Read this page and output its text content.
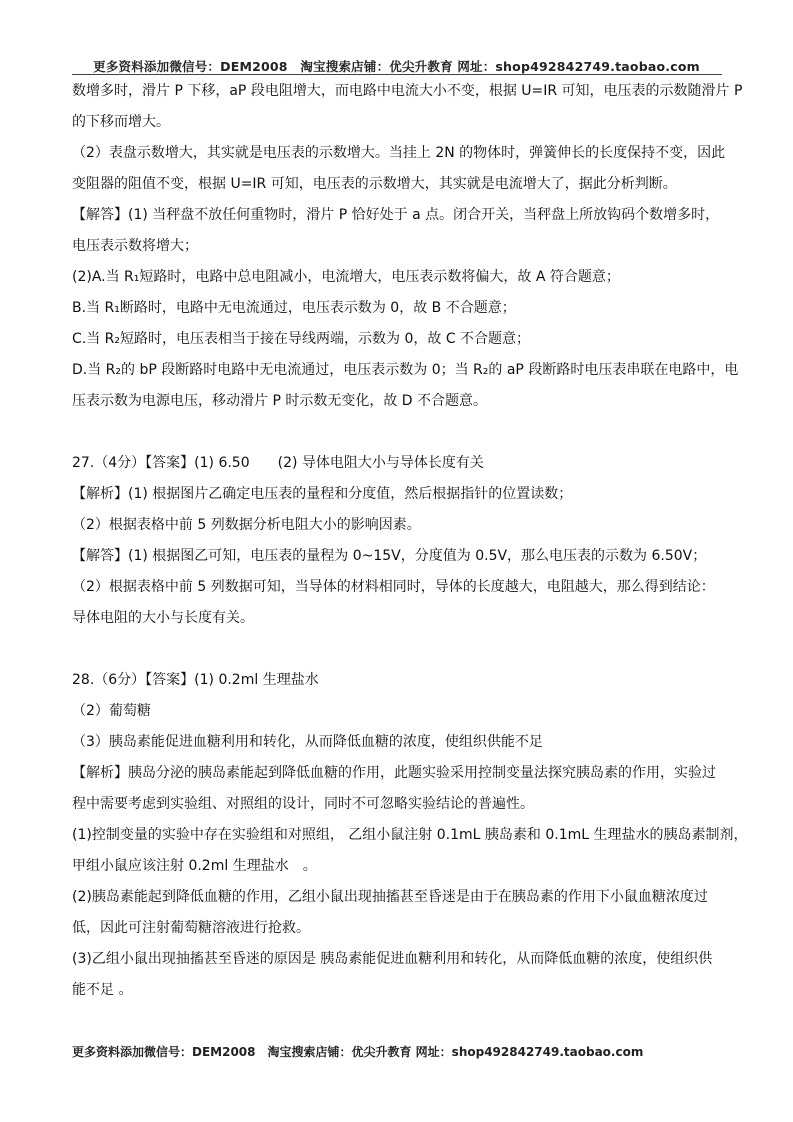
更多资料添加微信号：DEM2008　淘宝搜索店铺：优尖升教育 网址：shop492842749.taobao.com
数增多时，滑片 P 下移，aP 段电阻增大，而电路中电流大小不变，根据 U=IR 可知，电压表的示数随滑片 P
的下移而增大。
（2）表盘示数增大，其实就是电压表的示数增大。当挂上 2N 的物体时，弹簧伸长的长度保持不变，因此
变阻器的阻值不变，根据 U=IR 可知，电压表的示数增大，其实就是电流增大了，据此分析判断。
【解答】(1) 当秤盘不放任何重物时，滑片 P 恰好处于 a 点。闭合开关，当秤盘上所放钩码个数增多时，
电压表示数将增大；
(2)A.当 R₁短路时，电路中总电阻减小，电流增大，电压表示数将偏大，故 A 符合题意；
B.当 R₁断路时，电路中无电流通过，电压表示数为 0，故 B 不合题意；
C.当 R₂短路时，电压表相当于接在导线两端，示数为 0，故 C 不合题意；
D.当 R₂的 bP 段断路时电路中无电流通过，电压表示数为 0；当 R₂的 aP 段断路时电压表串联在电路中，电
压表示数为电源电压，移动滑片 P 时示数无变化，故 D 不合题意。
27.（4分）【答案】(1) 6.50　　(2) 导体电阻大小与导体长度有关
【解析】(1) 根据图片乙确定电压表的量程和分度值，然后根据指针的位置读数；
（2）根据表格中前 5 列数据分析电阻大小的影响因素。
【解答】(1) 根据图乙可知，电压表的量程为 0~15V，分度值为 0.5V，那么电压表的示数为 6.50V；
（2）根据表格中前 5 列数据可知，当导体的材料相同时，导体的长度越大，电阻越大，那么得到结论：
导体电阻的大小与长度有关。
28.（6分）【答案】(1) 0.2ml 生理盐水
（2）葡萄糖
（3）胰岛素能促进血糖利用和转化，从而降低血糖的浓度，使组织供能不足
【解析】胰岛分泌的胰岛素能起到降低血糖的作用，此题实验采用控制变量法探究胰岛素的作用，实验过
程中需要考虑到实验组、对照组的设计，同时不可忽略实验结论的普遍性。
(1)控制变量的实验中存在实验组和对照组， 乙组小鼠注射 0.1mL 胰岛素和 0.1mL 生理盐水的胰岛素制剂，
甲组小鼠应该注射 0.2ml 生理盐水　。
(2)胰岛素能起到降低血糖的作用，乙组小鼠出现抽搐甚至昏迷是由于在胰岛素的作用下小鼠血糖浓度过
低，因此可注射葡萄糖溶液进行抢救。
(3)乙组小鼠出现抽搐甚至昏迷的原因是 胰岛素能促进血糖利用和转化，从而降低血糖的浓度，使组织供
能不足 。
更多资料添加微信号：DEM2008　淘宝搜索店铺：优尖升教育 网址：shop492842749.taobao.com
